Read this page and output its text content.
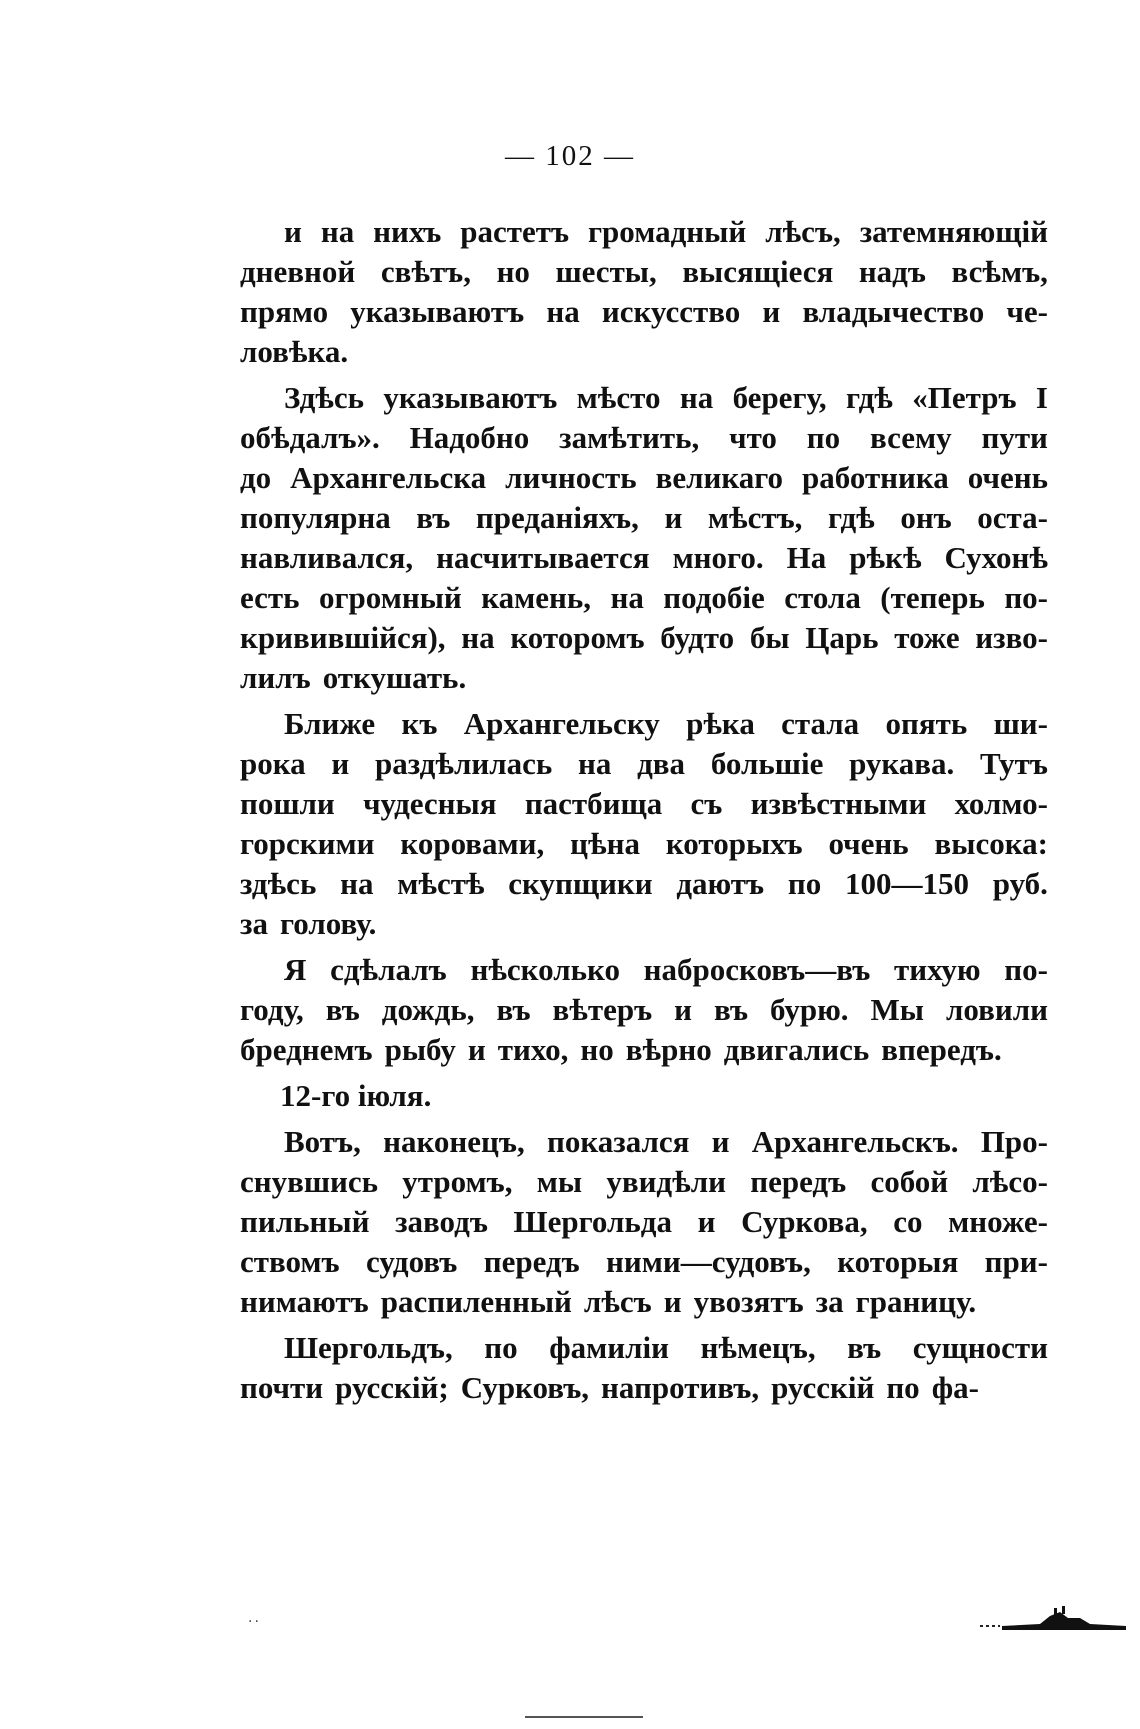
— 102 —
и на нихъ растетъ громадный лѣсъ, затемняющій
дневной свѣтъ, но шесты, высящіеся надъ всѣмъ,
прямо указываютъ на искусство и владычество че-
ловѣка.
Здѣсь указываютъ мѣсто на берегу, гдѣ «Петръ I
обѣдалъ». Надобно замѣтить, что по всему пути
до Архангельска личность великаго работника очень
популярна въ преданіяхъ, и мѣстъ, гдѣ онъ оста-
навливался, насчитывается много. На рѣкѣ Сухонѣ
есть огромный камень, на подобіе стола (теперь по-
кривившійся), на которомъ будто бы Царь тоже изво-
лилъ откушать.
Ближе къ Архангельску рѣка стала опять ши-
рока и раздѣлилась на два большіе рукава. Тутъ
пошли чудесныя пастбища съ извѣстными холмо-
горскими коровами, цѣна которыхъ очень высока:
здѣсь на мѣстѣ скупщики даютъ по 100—150 руб.
за голову.
Я сдѣлалъ нѣсколько набросковъ—въ тихую по-
году, въ дождь, въ вѣтеръ и въ бурю. Мы ловили
бреднемъ рыбу и тихо, но вѣрно двигались впередъ.
12-го іюля.
Вотъ, наконецъ, показался и Архангельскъ. Про-
снувшись утромъ, мы увидѣли передъ собой лѣсо-
пильный заводъ Шергольда и Суркова, со множе-
ствомъ судовъ передъ ними—судовъ, которыя при-
нимаютъ распиленный лѣсъ и увозятъ за границу.
Шергольдъ, по фамиліи нѣмецъ, въ сущности
почти русскій; Сурковъ, напротивъ, русскій по фа-
..
